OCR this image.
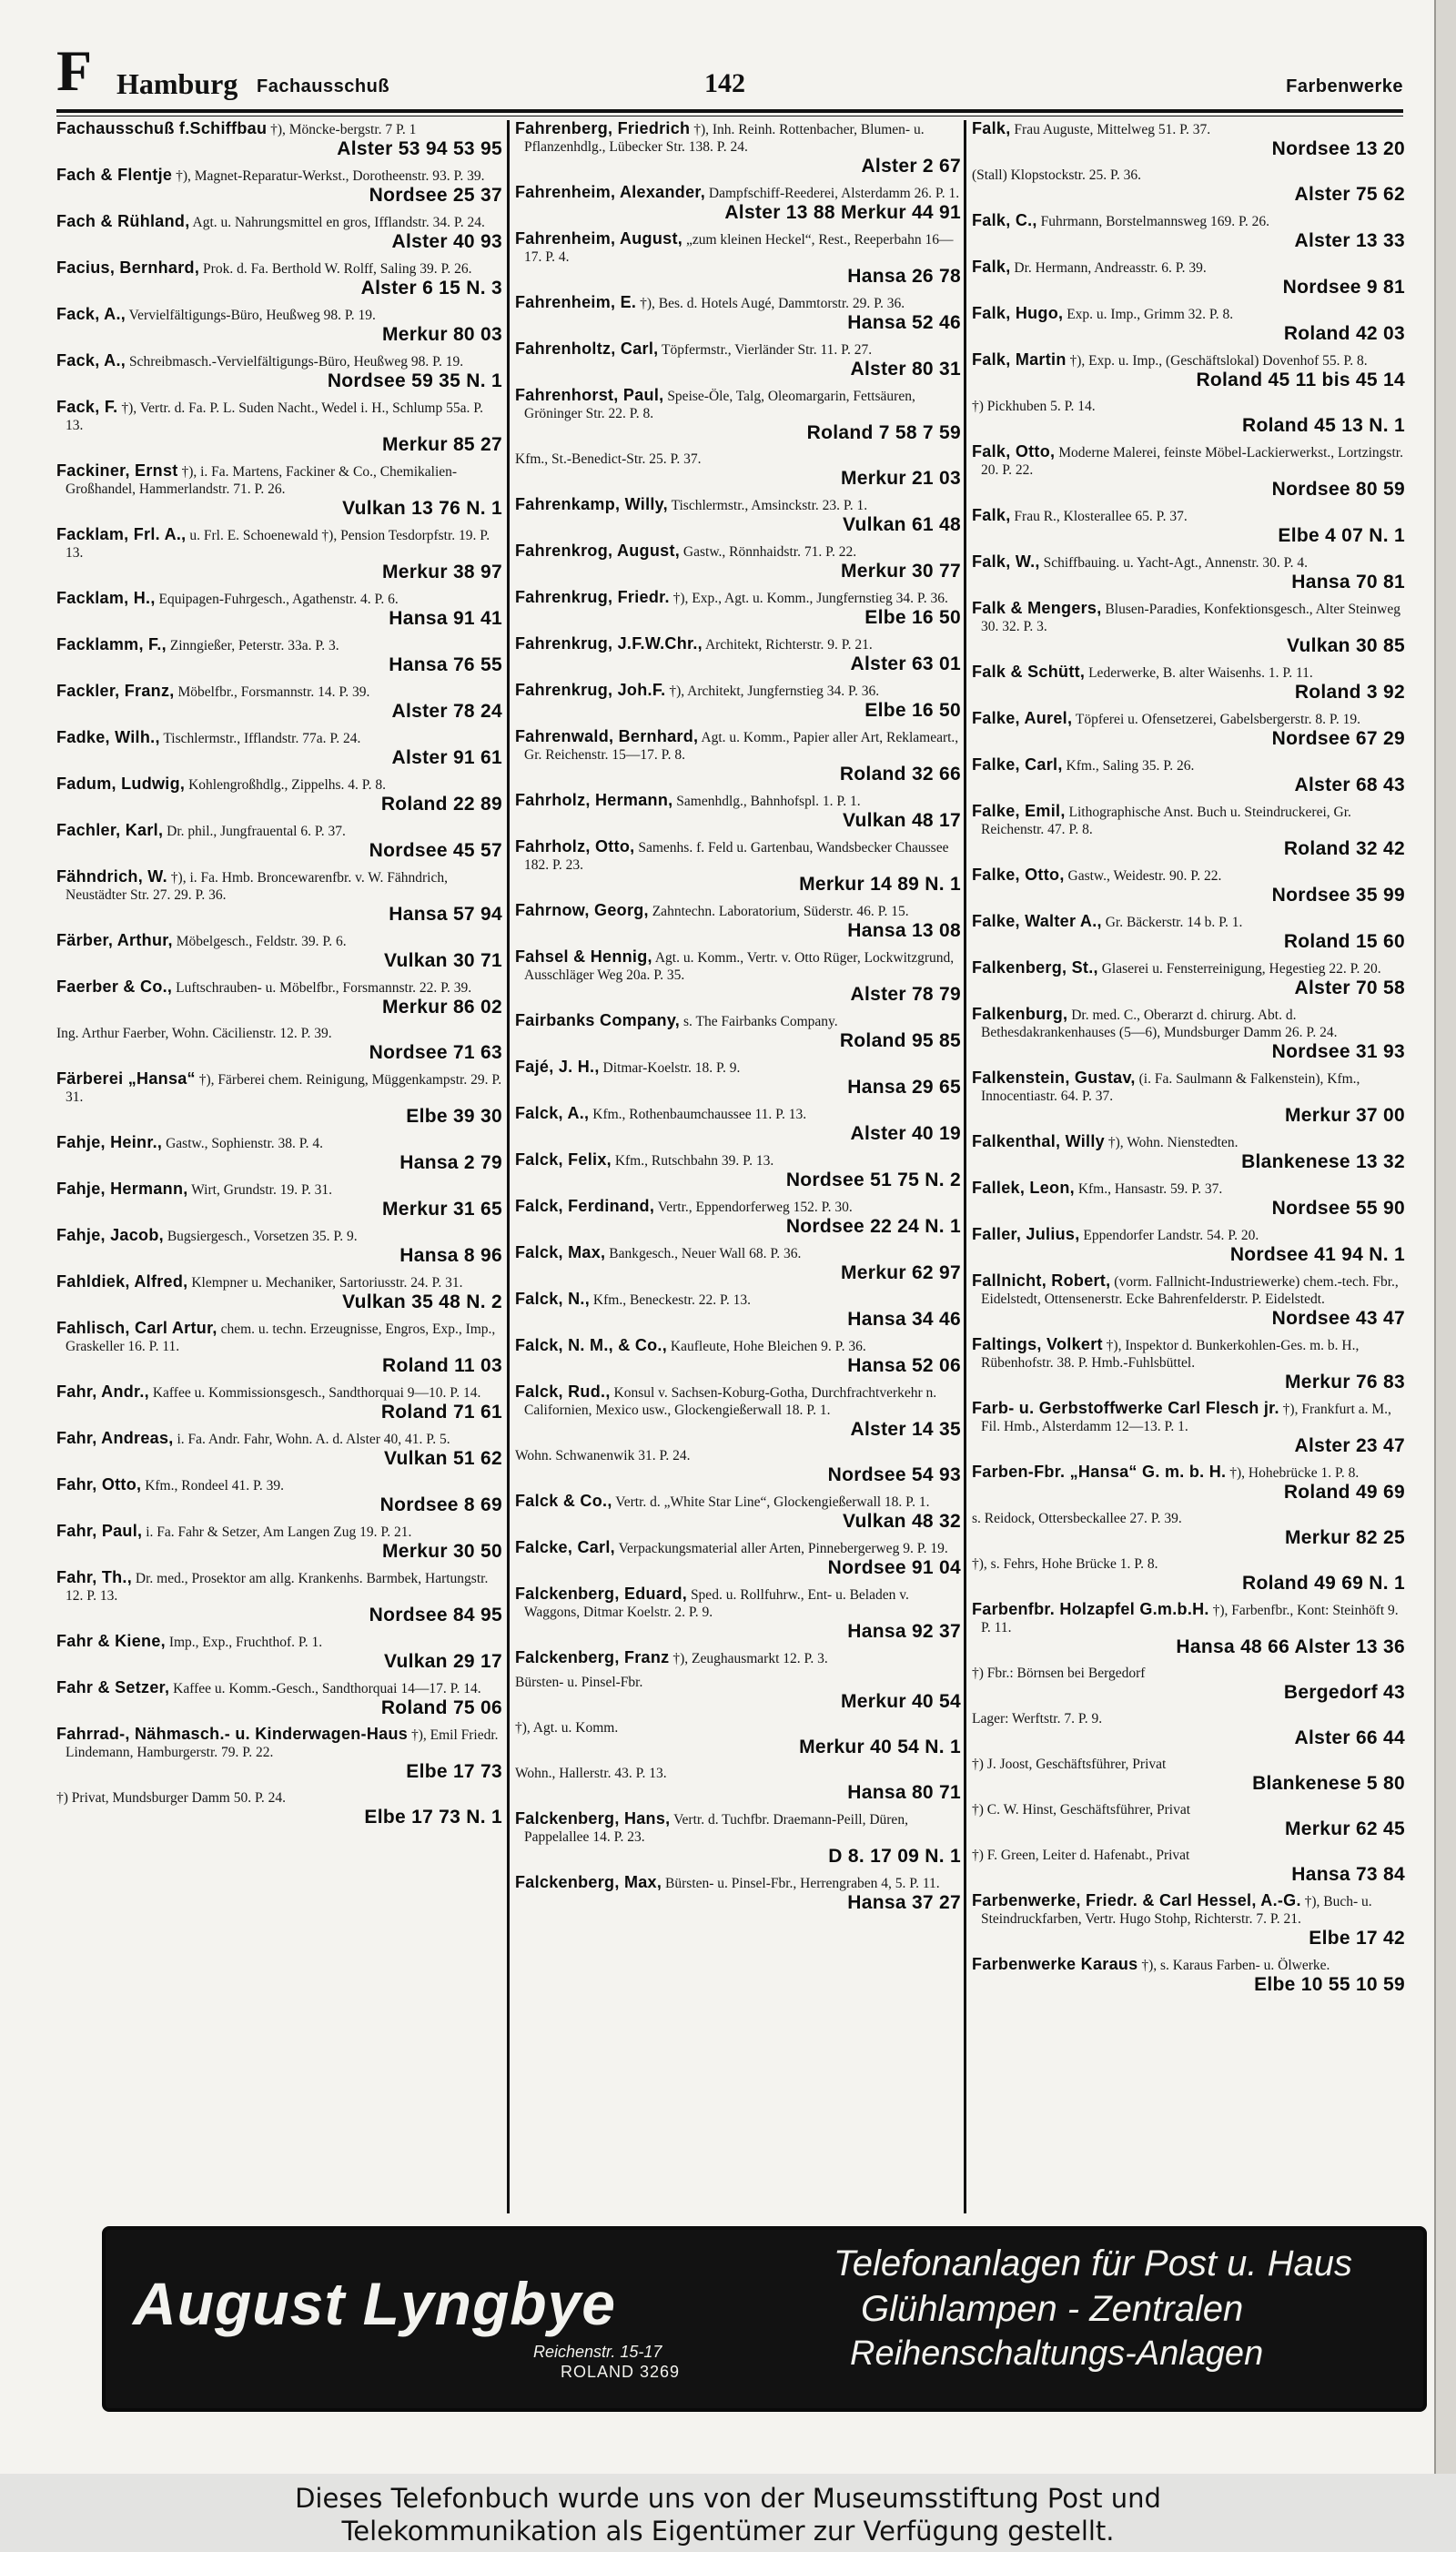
F Hamburg Fachausschuß	142	Farbenwerke
Fachausschuß f.Schiffbau †), Möncke-bergstr. 7 P. 1
Alster 53 94 53 95
Fach & Flentje †), Magnet-Reparatur-Werkst., Dorotheenstr. 93. P. 39.
Nordsee 25 37
Fach & Rühland, Agt. u. Nahrungsmittel en gros, Ifflandstr. 34. P. 24.
Alster 40 93
Facius, Bernhard, Prok. d. Fa. Berthold W. Rolff, Saling 39. P. 26.
Alster 6 15 N. 3
Fack, A., Vervielfältigungs-Büro, Heußweg 98. P. 19.
Merkur 80 03
Fack, A., Schreibmasch.-Vervielfältigungs-Büro, Heußweg 98. P. 19.
Nordsee 59 35 N. 1
Fack, F. †), Vertr. d. Fa. P. L. Suden Nacht., Wedel i. H., Schlump 55a. P. 13.
Merkur 85 27
Fackiner, Ernst †), i. Fa. Martens, Fackiner & Co., Chemikalien-Großhandel, Hammerlandstr. 71. P. 26.
Vulkan 13 76 N. 1
Facklam, Frl. A., u. Frl. E. Schoenewald †), Pension Tesdorpfstr. 19. P. 13.
Merkur 38 97
Facklam, H., Equipagen-Fuhrgesch., Agathenstr. 4. P. 6.
Hansa 91 41
Facklamm, F., Zinngießer, Peterstr. 33a. P. 3.
Hansa 76 55
Fackler, Franz, Möbelfbr., Forsmannstr. 14. P. 39.
Alster 78 24
Fadke, Wilh., Tischlermstr., Ifflandstr. 77a. P. 24.
Alster 91 61
Fadum, Ludwig, Kohlengroßhdlg., Zippelhs. 4. P. 8.
Roland 22 89
Fachler, Karl, Dr. phil., Jungfrauental 6. P. 37.
Nordsee 45 57
Fähndrich, W. †), i. Fa. Hmb. Broncewarenfbr. v. W. Fähndrich, Neustädter Str. 27. 29. P. 36.
Hansa 57 94
Färber, Arthur, Möbelgesch., Feldstr. 39. P. 6.
Vulkan 30 71
Faerber & Co., Luftschrauben- u. Möbelfbr., Forsmannstr. 22. P. 39.
Merkur 86 02
Ing. Arthur Faerber, Wohn. Cäcilienstr. 12. P. 39.
Nordsee 71 63
Färberei „Hansa“ †), Färberei chem. Reinigung, Müggenkampstr. 29. P. 31.
Elbe 39 30
Fahje, Heinr., Gastw., Sophienstr. 38. P. 4.
Hansa 2 79
Fahje, Hermann, Wirt, Grundstr. 19. P. 31.
Merkur 31 65
Fahje, Jacob, Bugsiergesch., Vorsetzen 35. P. 9.
Hansa 8 96
Fahldiek, Alfred, Klempner u. Mechaniker, Sartoriusstr. 24. P. 31.
Vulkan 35 48 N. 2
Fahlisch, Carl Artur, chem. u. techn. Erzeugnisse, Engros, Exp., Imp., Graskeller 16. P. 11.
Roland 11 03
Fahr, Andr., Kaffee u. Kommissionsgesch., Sandthorquai 9—10. P. 14.
Roland 71 61
Fahr, Andreas, i. Fa. Andr. Fahr, Wohn. A. d. Alster 40, 41. P. 5.
Vulkan 51 62
Fahr, Otto, Kfm., Rondeel 41. P. 39.
Nordsee 8 69
Fahr, Paul, i. Fa. Fahr & Setzer, Am Langen Zug 19. P. 21.
Merkur 30 50
Fahr, Th., Dr. med., Prosektor am allg. Krankenhs. Barmbek, Hartungstr. 12. P. 13.
Nordsee 84 95
Fahr & Kiene, Imp., Exp., Fruchthof. P. 1.
Vulkan 29 17
Fahr & Setzer, Kaffee u. Komm.-Gesch., Sandthorquai 14—17. P. 14.
Roland 75 06
Fahrrad-, Nähmasch.- u. Kinderwagen-Haus †), Emil Friedr. Lindemann, Hamburgerstr. 79. P. 22.
Elbe 17 73
†) Privat, Mundsburger Damm 50. P. 24.
Elbe 17 73 N. 1
Fahrenberg, Friedrich †), Inh. Reinh. Rottenbacher, Blumen- u. Pflanzenhdlg., Lübecker Str. 138. P. 24.
Alster 2 67
Fahrenheim, Alexander, Dampfschiff-Reederei, Alsterdamm 26. P. 1.
Alster 13 88 Merkur 44 91
Fahrenheim, August, „zum kleinen Heckel“, Rest., Reeperbahn 16—17. P. 4.
Hansa 26 78
Fahrenheim, E. †), Bes. d. Hotels Augé, Dammtorstr. 29. P. 36.
Hansa 52 46
Fahrenholtz, Carl, Töpfermstr., Vierländer Str. 11. P. 27.
Alster 80 31
Fahrenhorst, Paul, Speise-Öle, Talg, Oleomargarin, Fettsäuren, Gröninger Str. 22. P. 8.
Roland 7 58 7 59
Kfm., St.-Benedict-Str. 25. P. 37.
Merkur 21 03
Fahrenkamp, Willy, Tischlermstr., Amsinckstr. 23. P. 1.
Vulkan 61 48
Fahrenkrog, August, Gastw., Rönnhaidstr. 71. P. 22.
Merkur 30 77
Fahrenkrug, Friedr. †), Exp., Agt. u. Komm., Jungfernstieg 34. P. 36.
Elbe 16 50
Fahrenkrug, J.F.W.Chr., Architekt, Richterstr. 9. P. 21.
Alster 63 01
Fahrenkrug, Joh.F. †), Architekt, Jungfernstieg 34. P. 36.
Elbe 16 50
Fahrenwald, Bernhard, Agt. u. Komm., Papier aller Art, Reklameart., Gr. Reichenstr. 15—17. P. 8.
Roland 32 66
Fahrholz, Hermann, Samenhdlg., Bahnhofspl. 1. P. 1.
Vulkan 48 17
Fahrholz, Otto, Samenhs. f. Feld u. Gartenbau, Wandsbecker Chaussee 182. P. 23.
Merkur 14 89 N. 1
Fahrnow, Georg, Zahntechn. Laboratorium, Süderstr. 46. P. 15.
Hansa 13 08
Fahsel & Hennig, Agt. u. Komm., Vertr. v. Otto Rüger, Lockwitzgrund, Ausschläger Weg 20a. P. 35.
Alster 78 79
Fairbanks Company, s. The Fairbanks Company.
Roland 95 85
Fajé, J. H., Ditmar-Koelstr. 18. P. 9.
Hansa 29 65
Falck, A., Kfm., Rothenbaumchaussee 11. P. 13.
Alster 40 19
Falck, Felix, Kfm., Rutschbahn 39. P. 13.
Nordsee 51 75 N. 2
Falck, Ferdinand, Vertr., Eppendorferweg 152. P. 30.
Nordsee 22 24 N. 1
Falck, Max, Bankgesch., Neuer Wall 68. P. 36.
Merkur 62 97
Falck, N., Kfm., Beneckestr. 22. P. 13.
Hansa 34 46
Falck, N. M., & Co., Kaufleute, Hohe Bleichen 9. P. 36.
Hansa 52 06
Falck, Rud., Konsul v. Sachsen-Koburg-Gotha, Durchfrachtverkehr n. Californien, Mexico usw., Glockengießerwall 18. P. 1.
Alster 14 35
Wohn. Schwanenwik 31. P. 24.
Nordsee 54 93
Falck & Co., Vertr. d. „White Star Line“, Glockengießerwall 18. P. 1.
Vulkan 48 32
Falcke, Carl, Verpackungsmaterial aller Arten, Pinnebergerweg 9. P. 19.
Nordsee 91 04
Falckenberg, Eduard, Sped. u. Rollfuhrw., Ent- u. Beladen v. Waggons, Ditmar Koelstr. 2. P. 9.
Hansa 92 37
Falckenberg, Franz †), Zeughausmarkt 12. P. 3.
Bürsten- u. Pinsel-Fbr.
Merkur 40 54
†), Agt. u. Komm.
Merkur 40 54 N. 1
Wohn., Hallerstr. 43. P. 13.
Hansa 80 71
Falckenberg, Hans, Vertr. d. Tuchfbr. Draemann-Peill, Düren, Pappelallee 14. P. 23.
D 8. 17 09 N. 1
Falckenberg, Max, Bürsten- u. Pinsel-Fbr., Herrengraben 4, 5. P. 11.
Hansa 37 27
Falk, Frau Auguste, Mittelweg 51. P. 37.
Nordsee 13 20
(Stall) Klopstockstr. 25. P. 36.
Alster 75 62
Falk, C., Fuhrmann, Borstelmannsweg 169. P. 26.
Alster 13 33
Falk, Dr. Hermann, Andreasstr. 6. P. 39.
Nordsee 9 81
Falk, Hugo, Exp. u. Imp., Grimm 32. P. 8.
Roland 42 03
Falk, Martin †), Exp. u. Imp., (Geschäftslokal) Dovenhof 55. P. 8.
Roland 45 11 bis 45 14
†) Pickhuben 5. P. 14.
Roland 45 13 N. 1
Falk, Otto, Moderne Malerei, feinste Möbel-Lackierwerkst., Lortzingstr. 20. P. 22.
Nordsee 80 59
Falk, Frau R., Klosterallee 65. P. 37.
Elbe 4 07 N. 1
Falk, W., Schiffbauing. u. Yacht-Agt., Annenstr. 30. P. 4.
Hansa 70 81
Falk & Mengers, Blusen-Paradies, Konfektionsgesch., Alter Steinweg 30. 32. P. 3.
Vulkan 30 85
Falk & Schütt, Lederwerke, B. alter Waisenhs. 1. P. 11.
Roland 3 92
Falke, Aurel, Töpferei u. Ofensetzerei, Gabelsbergerstr. 8. P. 19.
Nordsee 67 29
Falke, Carl, Kfm., Saling 35. P. 26.
Alster 68 43
Falke, Emil, Lithographische Anst. Buch u. Steindruckerei, Gr. Reichenstr. 47. P. 8.
Roland 32 42
Falke, Otto, Gastw., Weidestr. 90. P. 22.
Nordsee 35 99
Falke, Walter A., Gr. Bäckerstr. 14 b. P. 1.
Roland 15 60
Falkenberg, St., Glaserei u. Fensterreinigung, Hegestieg 22. P. 20.
Alster 70 58
Falkenburg, Dr. med. C., Oberarzt d. chirurg. Abt. d. Bethesdakrankenhauses (5—6), Mundsburger Damm 26. P. 24.
Nordsee 31 93
Falkenstein, Gustav, (i. Fa. Saulmann & Falkenstein), Kfm., Innocentiastr. 64. P. 37.
Merkur 37 00
Falkenthal, Willy †), Wohn. Nienstedten.
Blankenese 13 32
Fallek, Leon, Kfm., Hansastr. 59. P. 37.
Nordsee 55 90
Faller, Julius, Eppendorfer Landstr. 54. P. 20.
Nordsee 41 94 N. 1
Fallnicht, Robert, (vorm. Fallnicht-Industriewerke) chem.-tech. Fbr., Eidelstedt, Ottensenerstr. Ecke Bahrenfelderstr. P. Eidelstedt.
Nordsee 43 47
Faltings, Volkert †), Inspektor d. Bunkerkohlen-Ges. m. b. H., Rübenhofstr. 38. P. Hmb.-Fuhlsbüttel.
Merkur 76 83
Farb- u. Gerbstoffwerke Carl Flesch jr. †), Frankfurt a. M., Fil. Hmb., Alsterdamm 12—13. P. 1.
Alster 23 47
Farben-Fbr. „Hansa“ G. m. b. H. †), Hohebrücke 1. P. 8.
Roland 49 69
s. Reidock, Ottersbeckallee 27. P. 39.
Merkur 82 25
†), s. Fehrs, Hohe Brücke 1. P. 8.
Roland 49 69 N. 1
Farbenfbr. Holzapfel G.m.b.H. †), Farbenfbr., Kont: Steinhöft 9. P. 11.
Hansa 48 66 Alster 13 36
†) Fbr.: Börnsen bei Bergedorf
Bergedorf 43
Lager: Werftstr. 7. P. 9.
Alster 66 44
†) J. Joost, Geschäftsführer, Privat
Blankenese 5 80
†) C. W. Hinst, Geschäftsführer, Privat
Merkur 62 45
†) F. Green, Leiter d. Hafenabt., Privat
Hansa 73 84
Farbenwerke, Friedr. & Carl Hessel, A.-G. †), Buch- u. Steindruckfarben, Vertr. Hugo Stohp, Richterstr. 7. P. 21.
Elbe 17 42
Farbenwerke Karaus †), s. Karaus Farben- u. Ölwerke.
Elbe 10 55 10 59
August Lyngbye
Telefonanlagen für Post u. Haus
Glühlampen - Zentralen
Reihenschaltungs-Anlagen
Reichenstr. 15-17
ROLAND 3269
Dieses Telefonbuch wurde uns von der Museumsstiftung Post und
Telekommunikation als Eigentümer zur Verfügung gestellt.
